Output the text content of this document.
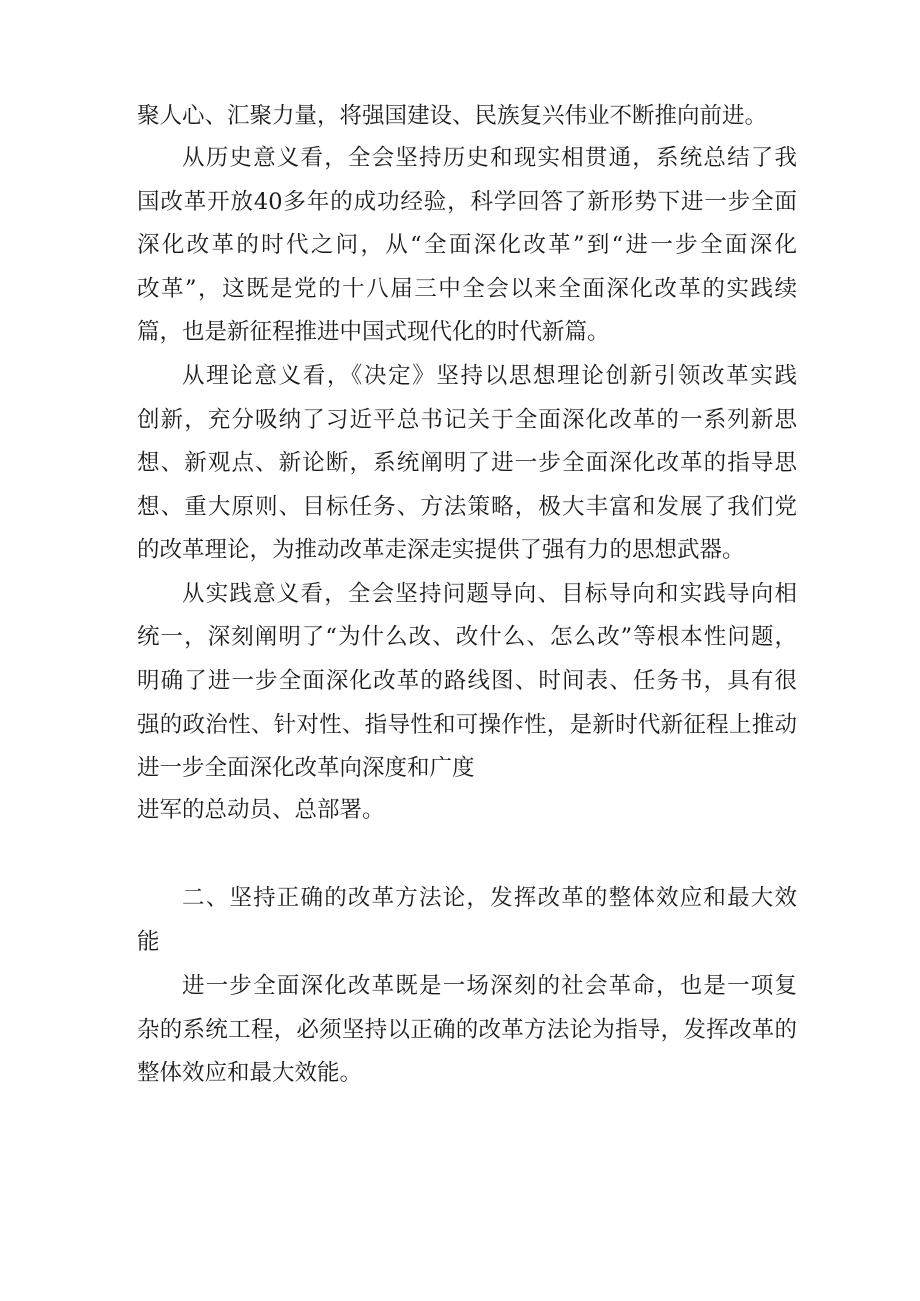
聚人心、汇聚力量，将强国建设、民族复兴伟业不断推向前进。
从历史意义看，全会坚持历史和现实相贯通，系统总结了我
国改革开放40多年的成功经验，科学回答了新形势下进一步全面
深化改革的时代之问，从“全面深化改革”到“进一步全面深化
改革”，这既是党的十八届三中全会以来全面深化改革的实践续
篇，也是新征程推进中国式现代化的时代新篇。
从理论意义看，《决定》坚持以思想理论创新引领改革实践
创新，充分吸纳了习近平总书记关于全面深化改革的一系列新思
想、新观点、新论断，系统阐明了进一步全面深化改革的指导思
想、重大原则、目标任务、方法策略，极大丰富和发展了我们党
的改革理论，为推动改革走深走实提供了强有力的思想武器。
从实践意义看，全会坚持问题导向、目标导向和实践导向相
统一，深刻阐明了“为什么改、改什么、怎么改”等根本性问题，
明确了进一步全面深化改革的路线图、时间表、任务书，具有很
强的政治性、针对性、指导性和可操作性，是新时代新征程上推动
进一步全面深化改革向深度和广度
进军的总动员、总部署。
二、坚持正确的改革方法论，发挥改革的整体效应和最大效
能
进一步全面深化改革既是一场深刻的社会革命，也是一项复
杂的系统工程，必须坚持以正确的改革方法论为指导，发挥改革的
整体效应和最大效能。
